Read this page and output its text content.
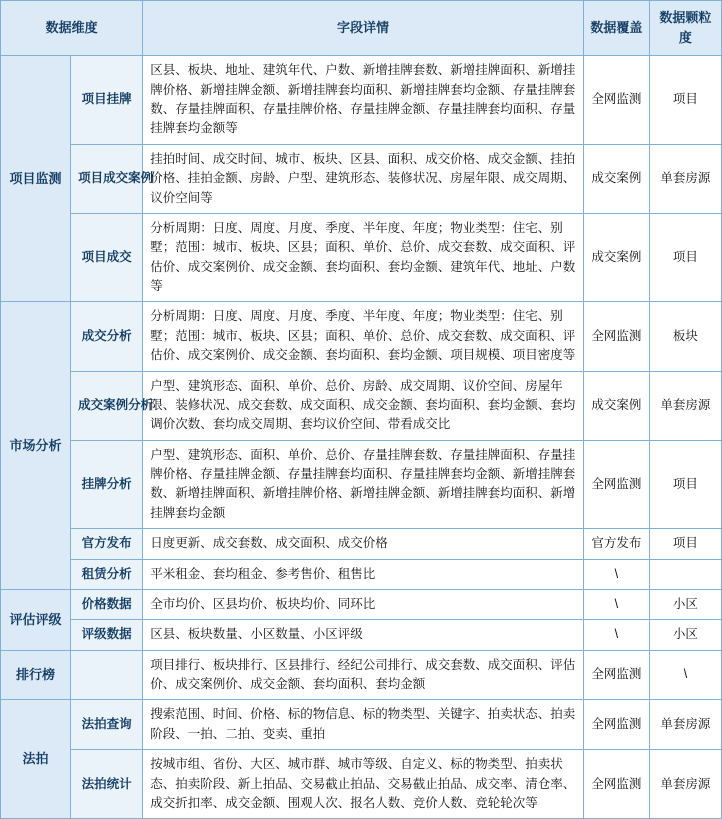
数据维度		字段详情	数据覆盖	数据颗粒度
项目监测	项目挂牌	区县、板块、地址、建筑年代、户数、新增挂牌套数、新增挂牌面积、新增挂牌价格、新增挂牌金额、新增挂牌套均面积、新增挂牌套均金额、存量挂牌套数、存量挂牌面积、存量挂牌价格、存量挂牌金额、存量挂牌套均面积、存量挂牌套均金额等	全网监测	项目
	项目成交案例	挂拍时间、成交时间、城市、板块、区县、面积、成交价格、成交金额、挂拍价格、挂拍金额、房龄、户型、建筑形态、装修状况、房屋年限、成交周期、议价空间等	成交案例	单套房源
	项目成交	分析周期：日度、周度、月度、季度、半年度、年度；物业类型：住宅、别墅；范围：城市、板块、区县；面积、单价、总价、成交套数、成交面积、评估价、成交案例价、成交金额、套均面积、套均金额、建筑年代、地址、户数等	成交案例	项目
市场分析	成交分析	分析周期：日度、周度、月度、季度、半年度、年度；物业类型：住宅、别墅；范围：城市、板块、区县；面积、单价、总价、成交套数、成交面积、评估价、成交案例价、成交金额、套均面积、套均金额、项目规模、项目密度等	全网监测	板块
	成交案例分析	户型、建筑形态、面积、单价、总价、房龄、成交周期、议价空间、房屋年限、装修状况、成交套数、成交面积、成交金额、套均面积、套均金额、套均调价次数、套均成交周期、套均议价空间、带看成交比	成交案例	单套房源
	挂牌分析	户型、建筑形态、面积、单价、总价、存量挂牌套数、存量挂牌面积、存量挂牌价格、存量挂牌金额、存量挂牌套均面积、存量挂牌套均金额、新增挂牌套数、新增挂牌面积、新增挂牌价格、新增挂牌金额、新增挂牌套均面积、新增挂牌套均金额	全网监测	项目
	官方发布	日度更新、成交套数、成交面积、成交价格	官方发布	项目
	租赁分析	平米租金、套均租金、参考售价、租售比	\	
评估评级	价格数据	全市均价、区县均价、板块均价、同环比	\	小区
	评级数据	区县、板块数量、小区数量、小区评级	\	小区
排行榜		项目排行、板块排行、区县排行、经纪公司排行、成交套数、成交面积、评估价、成交案例价、成交金额、套均面积、套均金额	全网监测	\
法拍	法拍查询	搜索范围、时间、价格、标的物信息、标的物类型、关键字、拍卖状态、拍卖阶段、一拍、二拍、变卖、重拍	全网监测	单套房源
	法拍统计	按城市组、省份、大区、城市群、城市等级、自定义、标的物类型、拍卖状态、拍卖阶段、新上拍品、交易截止拍品、交易截止拍品、成交率、清仓率、成交折扣率、成交金额、围观人次、报名人数、竞价人数、竞轮轮次等	全网监测	单套房源
